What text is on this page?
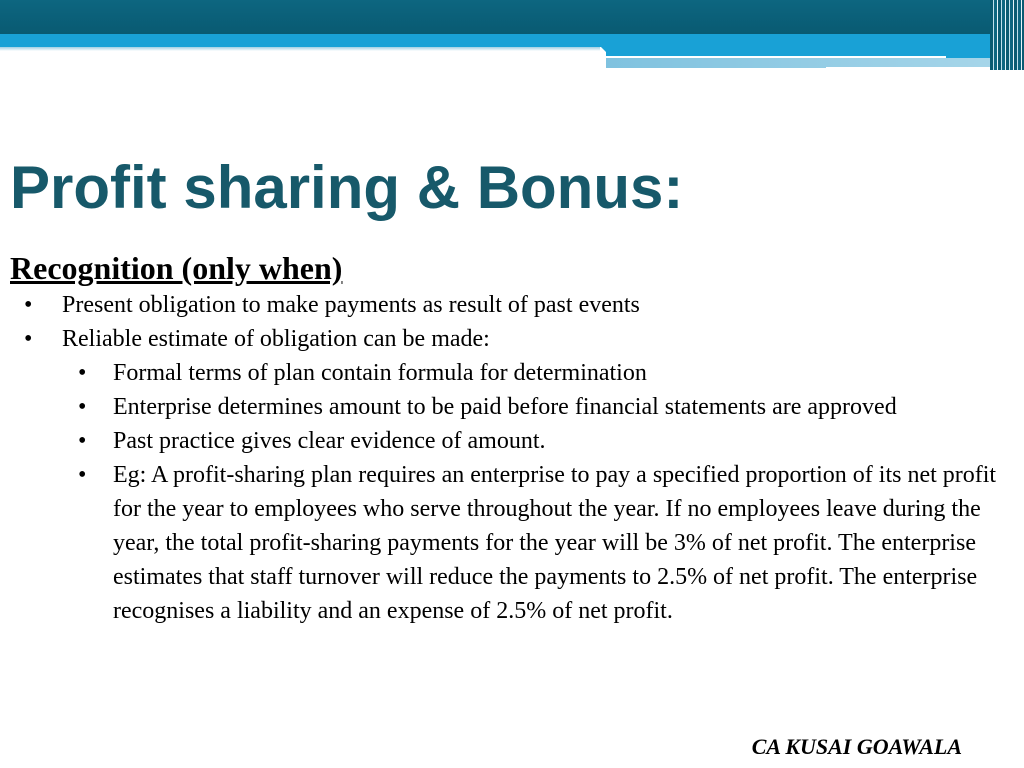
Profit sharing & Bonus:

Recognition (only when)

• Present obligation to make payments as result of past events
• Reliable estimate of obligation can be made:
• Formal terms of plan contain formula for determination
• Enterprise determines amount to be paid before financial statements are approved
• Past practice gives clear evidence of amount.
• Eg: A profit-sharing plan requires an enterprise to pay a specified proportion of its net profit for the year to employees who serve throughout the year. If no employees leave during the year, the total profit-sharing payments for the year will be 3% of net profit. The enterprise estimates that staff turnover will reduce the payments to 2.5% of net profit. The enterprise recognises a liability and an expense of 2.5% of net profit.
CA KUSAI GOAWALA
